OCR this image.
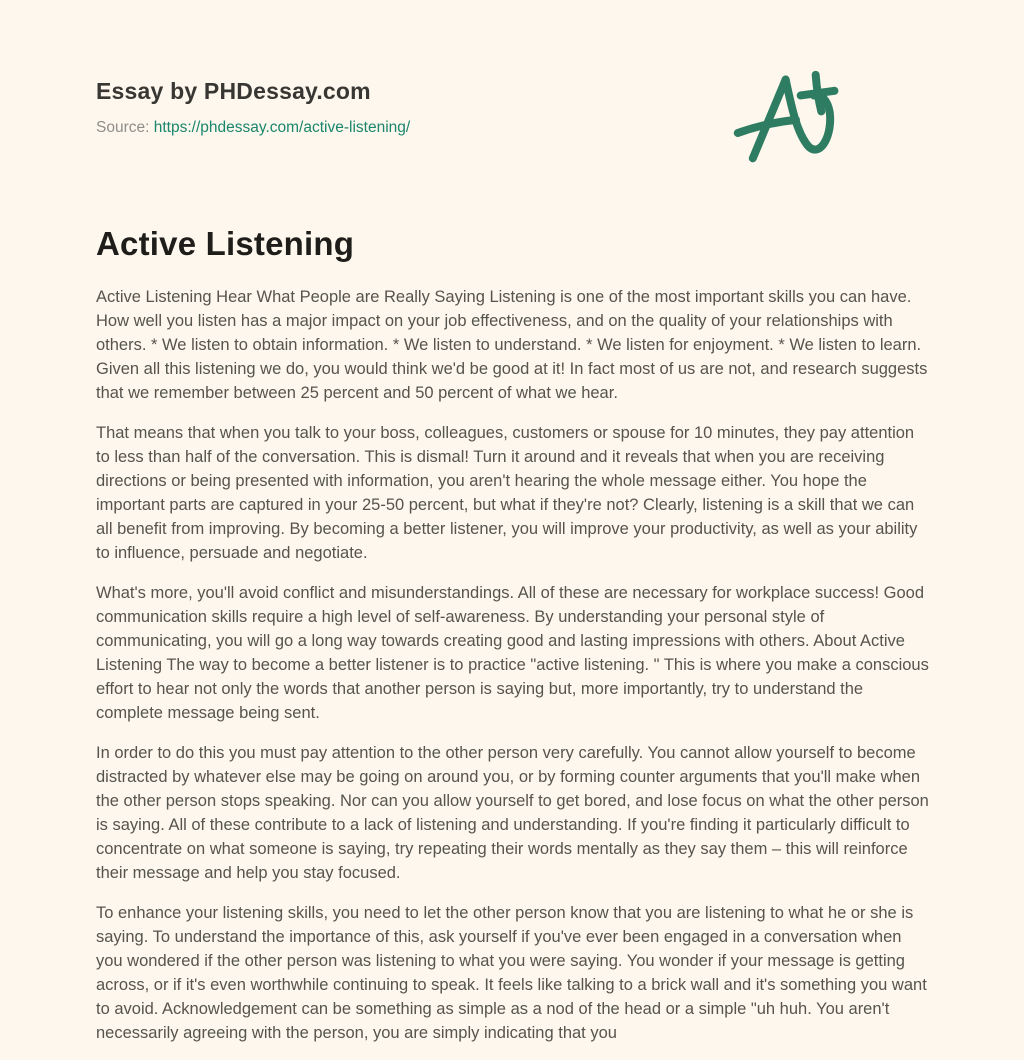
Essay by PHDessay.com

Source: https://phdessay.com/active-listening/

Active Listening

Active Listening Hear What People are Really Saying Listening is one of the most important skills you can have. How well you listen has a major impact on your job effectiveness, and on the quality of your relationships with others. * We listen to obtain information. * We listen to understand. * We listen for enjoyment. * We listen to learn. Given all this listening we do, you would think we'd be good at it! In fact most of us are not, and research suggests that we remember between 25 percent and 50 percent of what we hear.

That means that when you talk to your boss, colleagues, customers or spouse for 10 minutes, they pay attention to less than half of the conversation. This is dismal! Turn it around and it reveals that when you are receiving directions or being presented with information, you aren't hearing the whole message either. You hope the important parts are captured in your 25-50 percent, but what if they're not? Clearly, listening is a skill that we can all benefit from improving. By becoming a better listener, you will improve your productivity, as well as your ability to influence, persuade and negotiate.

What's more, you'll avoid conflict and misunderstandings. All of these are necessary for workplace success! Good communication skills require a high level of self-awareness. By understanding your personal style of communicating, you will go a long way towards creating good and lasting impressions with others. About Active Listening The way to become a better listener is to practice "active listening. " This is where you make a conscious effort to hear not only the words that another person is saying but, more importantly, try to understand the complete message being sent.

In order to do this you must pay attention to the other person very carefully. You cannot allow yourself to become distracted by whatever else may be going on around you, or by forming counter arguments that you'll make when the other person stops speaking. Nor can you allow yourself to get bored, and lose focus on what the other person is saying. All of these contribute to a lack of listening and understanding. If you're finding it particularly difficult to concentrate on what someone is saying, try repeating their words mentally as they say them – this will reinforce their message and help you stay focused.

To enhance your listening skills, you need to let the other person know that you are listening to what he or she is saying. To understand the importance of this, ask yourself if you've ever been engaged in a conversation when you wondered if the other person was listening to what you were saying. You wonder if your message is getting across, or if it's even worthwhile continuing to speak. It feels like talking to a brick wall and it's something you want to avoid. Acknowledgement can be something as simple as a nod of the head or a simple "uh huh. You aren't necessarily agreeing with the person, you are simply indicating that you
